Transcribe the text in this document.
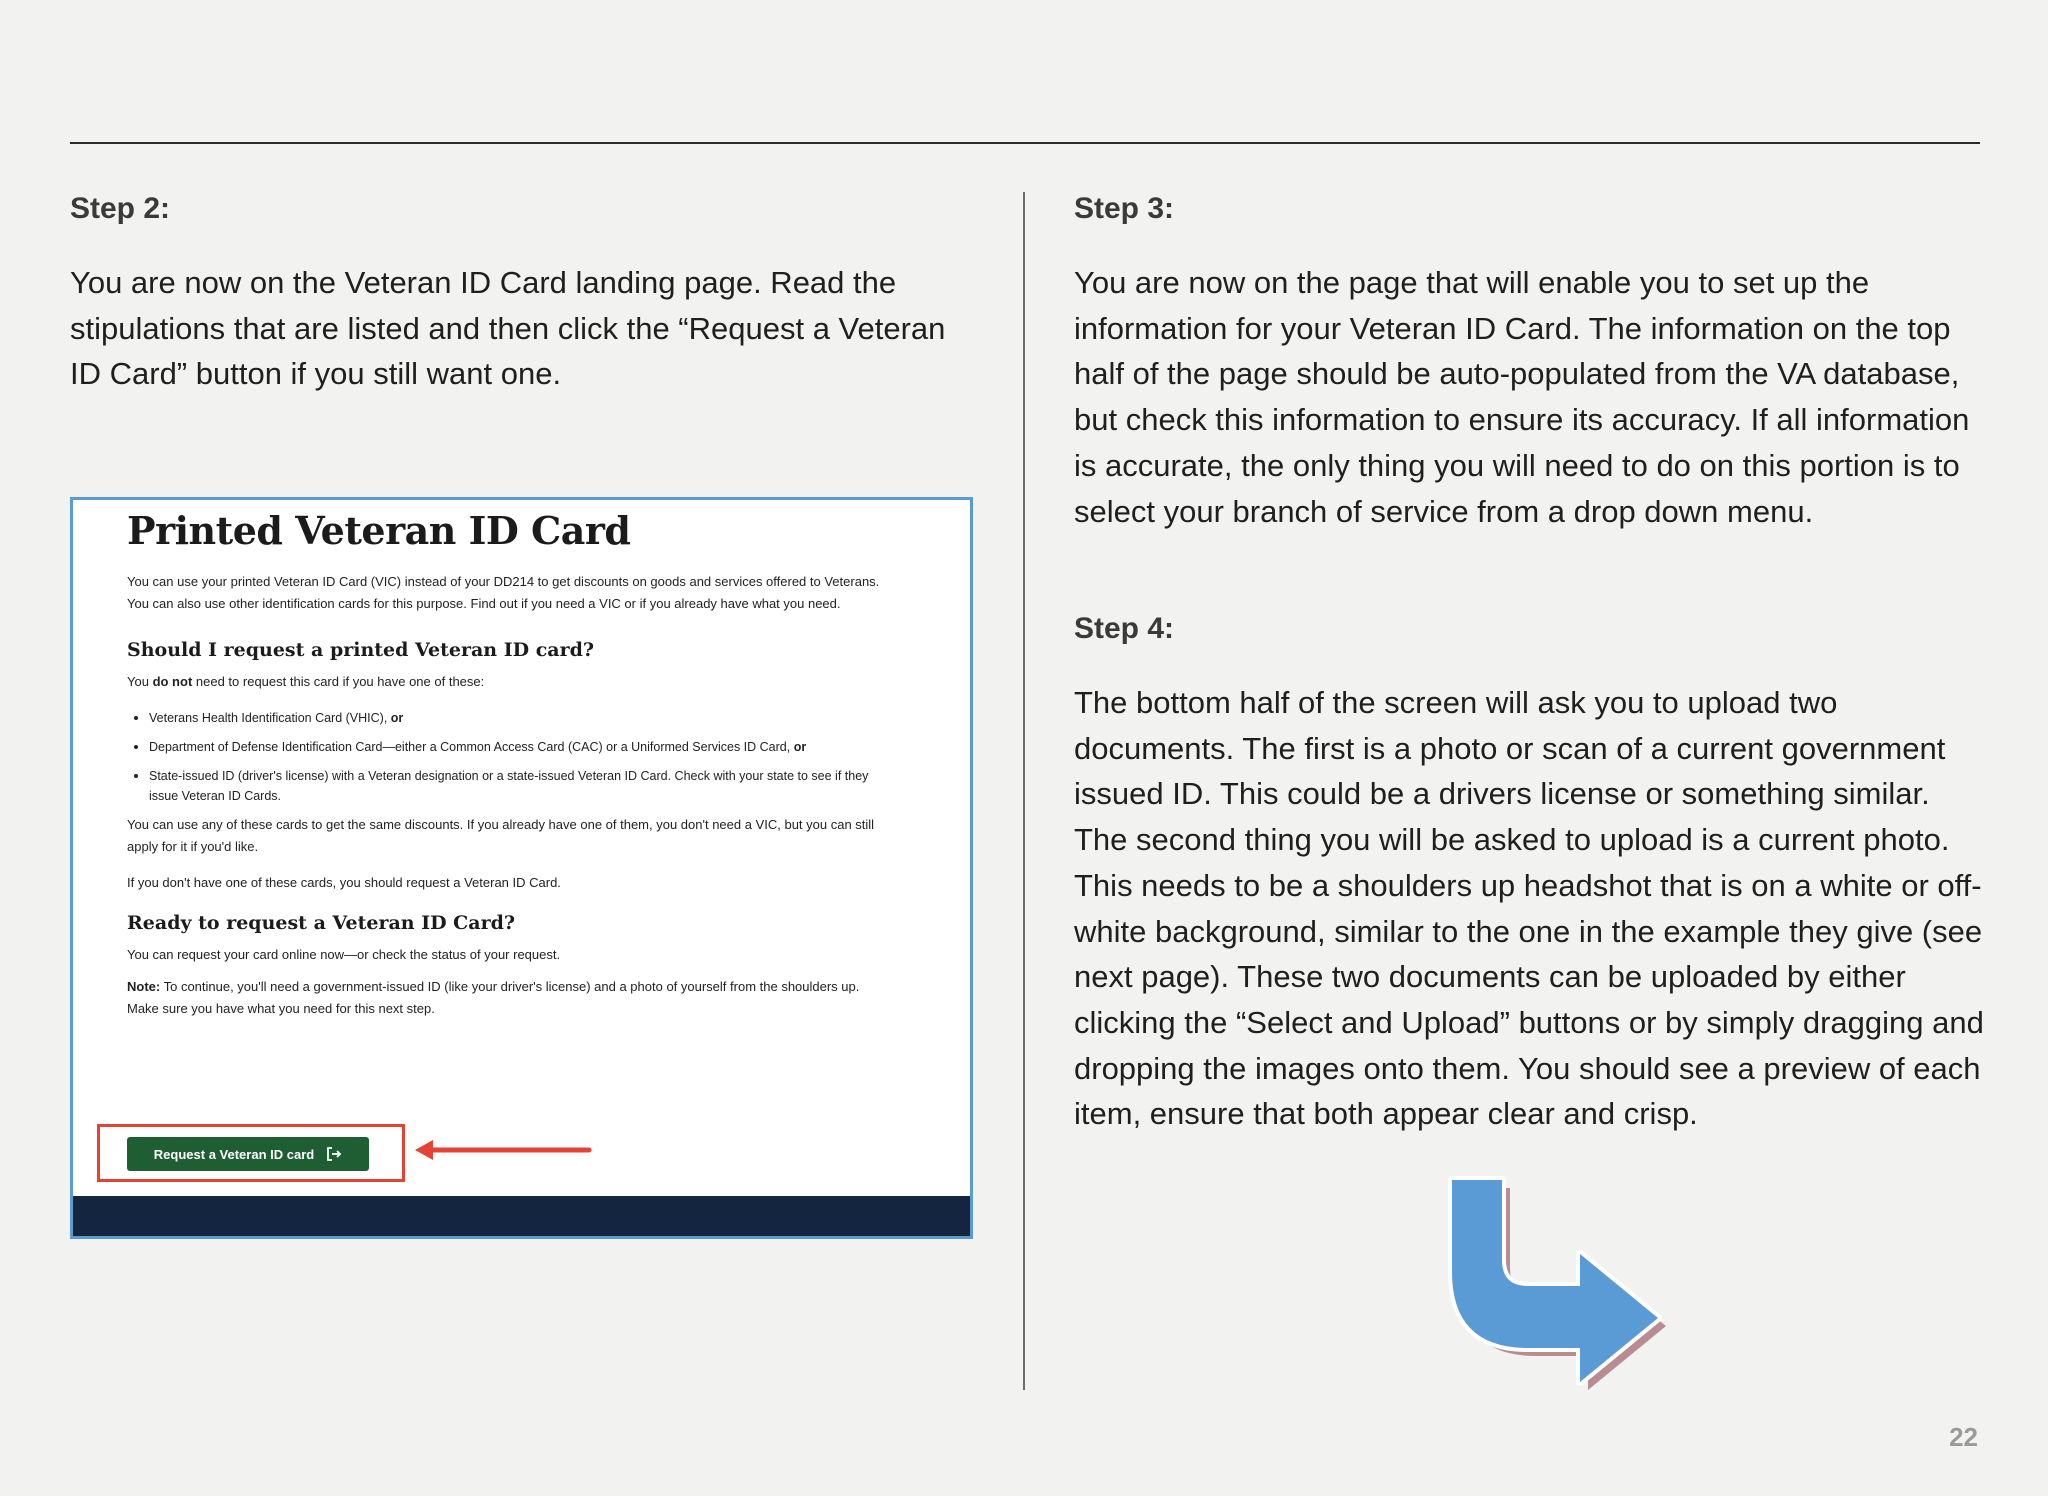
Step 2:

You are now on the Veteran ID Card landing page. Read the stipulations that are listed and then click the “Request a Veteran ID Card” button if you still want one.

Printed Veteran ID Card

You can use your printed Veteran ID Card (VIC) instead of your DD214 to get discounts on goods and services offered to Veterans. You can also use other identification cards for this purpose. Find out if you need a VIC or if you already have what you need.

Should I request a printed Veteran ID card?

You do not need to request this card if you have one of these:

• Veterans Health Identification Card (VHIC), or
• Department of Defense Identification Card—either a Common Access Card (CAC) or a Uniformed Services ID Card, or
• State-issued ID (driver's license) with a Veteran designation or a state-issued Veteran ID Card. Check with your state to see if they issue Veteran ID Cards.

You can use any of these cards to get the same discounts. If you already have one of them, you don't need a VIC, but you can still apply for it if you'd like.

If you don't have one of these cards, you should request a Veteran ID Card.

Ready to request a Veteran ID Card?

You can request your card online now—or check the status of your request.

Note: To continue, you'll need a government-issued ID (like your driver's license) and a photo of yourself from the shoulders up. Make sure you have what you need for this next step.

Request a Veteran ID card
Step 3:

You are now on the page that will enable you to set up the information for your Veteran ID Card. The information on the top half of the page should be auto-populated from the VA database, but check this information to ensure its accuracy. If all information is accurate, the only thing you will need to do on this portion is to select your branch of service from a drop down menu.

Step 4:

The bottom half of the screen will ask you to upload two documents. The first is a photo or scan of a current government issued ID. This could be a drivers license or something similar. The second thing you will be asked to upload is a current photo. This needs to be a shoulders up headshot that is on a white or off-white background, similar to the one in the example they give (see next page). These two documents can be uploaded by either clicking the “Select and Upload” buttons or by simply dragging and dropping the images onto them. You should see a preview of each item, ensure that both appear clear and crisp.

22
